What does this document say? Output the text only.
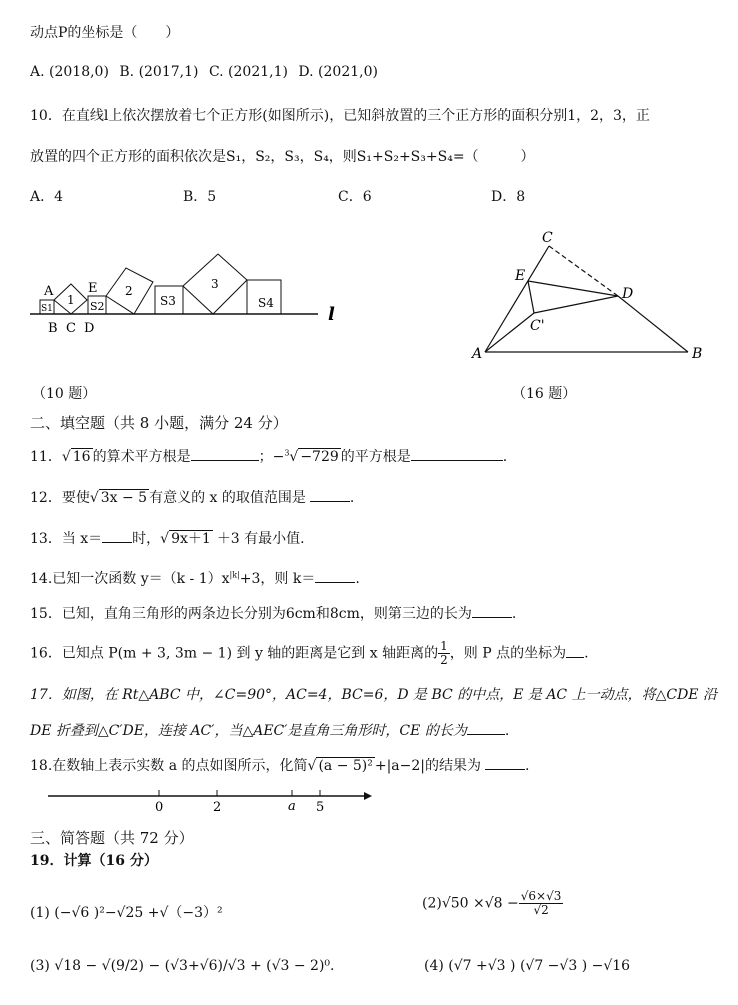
动点P的坐标是（　　）
A. (2018,0) B. (2017,1) C. (2021,1) D. (2021,0)
10．在直线l上依次摆放着七个正方形(如图所示)，已知斜放置的三个正方形的面积分别1，2，3，正
放置的四个正方形的面积依次是S₁，S₂，S₃，S₄，则S₁+S₂+S₃+S₄=（　　　）
A．4	B．5	C．6	D．8
A	E
B C D
1
2	3
S1	S2	S3	S4
l
（10 题）
C
E
D
C'
A	B
（16 题）
二、填空题（共 8 小题，满分 24 分）
11．√ 16 的算术平方根是	；−$^3$√ −729 的平方根是	.
12．要使√ 3x − 5 有意义的 x 的取值范围是	.
13．当 x＝ 时，√ 9x＋1 ＋3 有最小值.
14.已知一次函数 $y=(k - 1)x^{|k|}+3$，则 k＝	.
15．已知，直角三角形的两条边长分别为6cm和8cm，则第三边的长为	.
16．已知点 P(m + 3, 3m − 1) 到 y 轴的距离是它到 x 轴距离的 $\frac{1}{2}$ ，则 P 点的坐标为 .
17．如图，在 Rt△ABC 中，∠C=90°，AC=4，BC=6，D 是 BC 的中点，E 是 AC 上一动点，将△CDE 沿
DE 折叠到△C′DE，连接 AC′，当△AEC′是直角三角形时，CE 的长为	.
18.在数轴上表示实数 a 的点如图所示，化简√ (a − 5)² +|a−2|的结果为	.
0	2	a 5
三、简答题（共 72 分）
19．计算（16 分）
(1) (−√6 )²−√25 +√（−3）²
$(2)√50 \times√8 - \frac{√6\times√3}{√2}$
(3) √18 − √(9/2) − (√3+√6)/√3 + (√3 − 2)⁰.	(4) (√7 +√3 ) (√7 −√3 ) −√16
